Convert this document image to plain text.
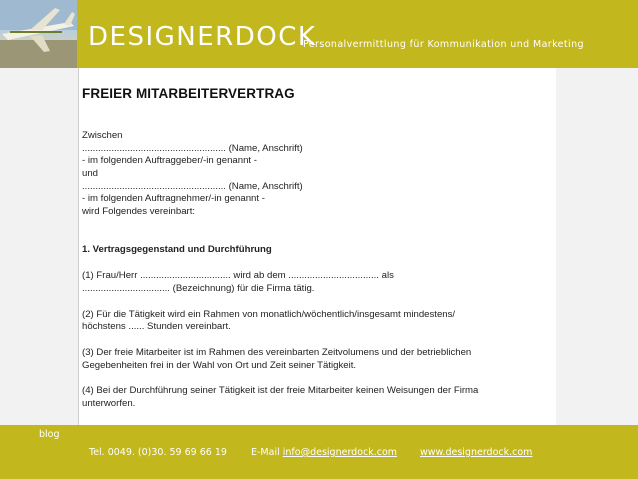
DESIGNERDOCK
Personalvermittlung für Kommunikation und Marketing
FREIER MITARBEITERVERTRAG
Zwischen
...................................................... (Name, Anschrift)
- im folgenden Auftraggeber/-in genannt -
und
...................................................... (Name, Anschrift)
- im folgenden Auftragnehmer/-in genannt -
wird Folgendes vereinbart:
1. Vertragsgegenstand und Durchführung
(1) Frau/Herr .................................. wird ab dem .................................. als
................................. (Bezeichnung) für die Firma tätig.
(2) Für die Tätigkeit wird ein Rahmen von monatlich/wöchentlich/insgesamt mindestens/
höchstens ...... Stunden vereinbart.
(3) Der freie Mitarbeiter ist im Rahmen des vereinbarten Zeitvolumens und der betrieblichen
Gegebenheiten frei in der Wahl von Ort und Zeit seiner Tätigkeit.
(4) Bei der Durchführung seiner Tätigkeit ist der freie Mitarbeiter keinen Weisungen der Firma
unterworfen.
blog
Tel. 0049. (0)30. 59 69 66 19	E-Mail info@designerdock.com www.designerdock.com
